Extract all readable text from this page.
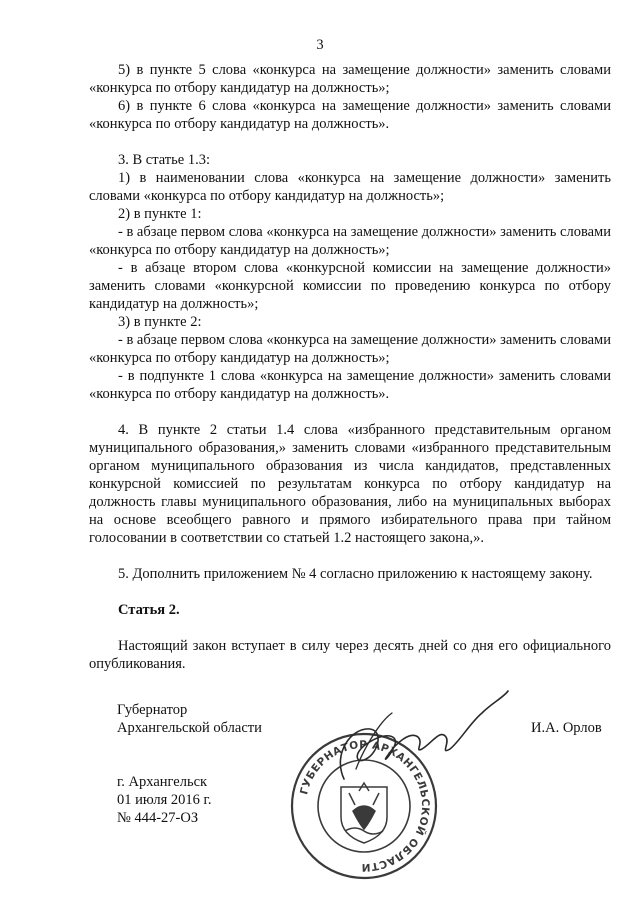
3

5) в пункте 5 слова «конкурса на замещение должности» заменить словами «конкурса по отбору кандидатур на должность»;

6) в пункте 6 слова «конкурса на замещение должности» заменить словами «конкурса по отбору кандидатур на должность».

3. В статье 1.3:

1) в наименовании слова «конкурса на замещение должности» заменить словами «конкурса по отбору кандидатур на должность»;

2) в пункте 1:

- в абзаце первом слова «конкурса на замещение должности» заменить словами «конкурса по отбору кандидатур на должность»;

- в абзаце втором слова «конкурсной комиссии на замещение должности» заменить словами «конкурсной комиссии по проведению конкурса по отбору кандидатур на должность»;

3) в пункте 2:

- в абзаце первом слова «конкурса на замещение должности» заменить словами «конкурса по отбору кандидатур на должность»;

- в подпункте 1 слова «конкурса на замещение должности» заменить словами «конкурса по отбору кандидатур на должность».

4. В пункте 2 статьи 1.4 слова «избранного представительным органом муниципального образования,» заменить словами «избранного представительным органом муниципального образования из числа кандидатов, представленных конкурсной комиссией по результатам конкурса по отбору кандидатур на должность главы муниципального образования, либо на муниципальных выборах на основе всеобщего равного и прямого избирательного права при тайном голосовании в соответствии со статьей 1.2 настоящего закона,».

5. Дополнить приложением № 4 согласно приложению к настоящему закону.

Статья 2.

Настоящий закон вступает в силу через десять дней со дня его официального опубликования.

ГУБЕРНАТОР АРХАНГЕЛЬСКОЙ ОБЛАСТИ
Губернатор
Архангельской области	И.А. Орлов
г. Архангельск
01 июля 2016 г.
№ 444-27-ОЗ
